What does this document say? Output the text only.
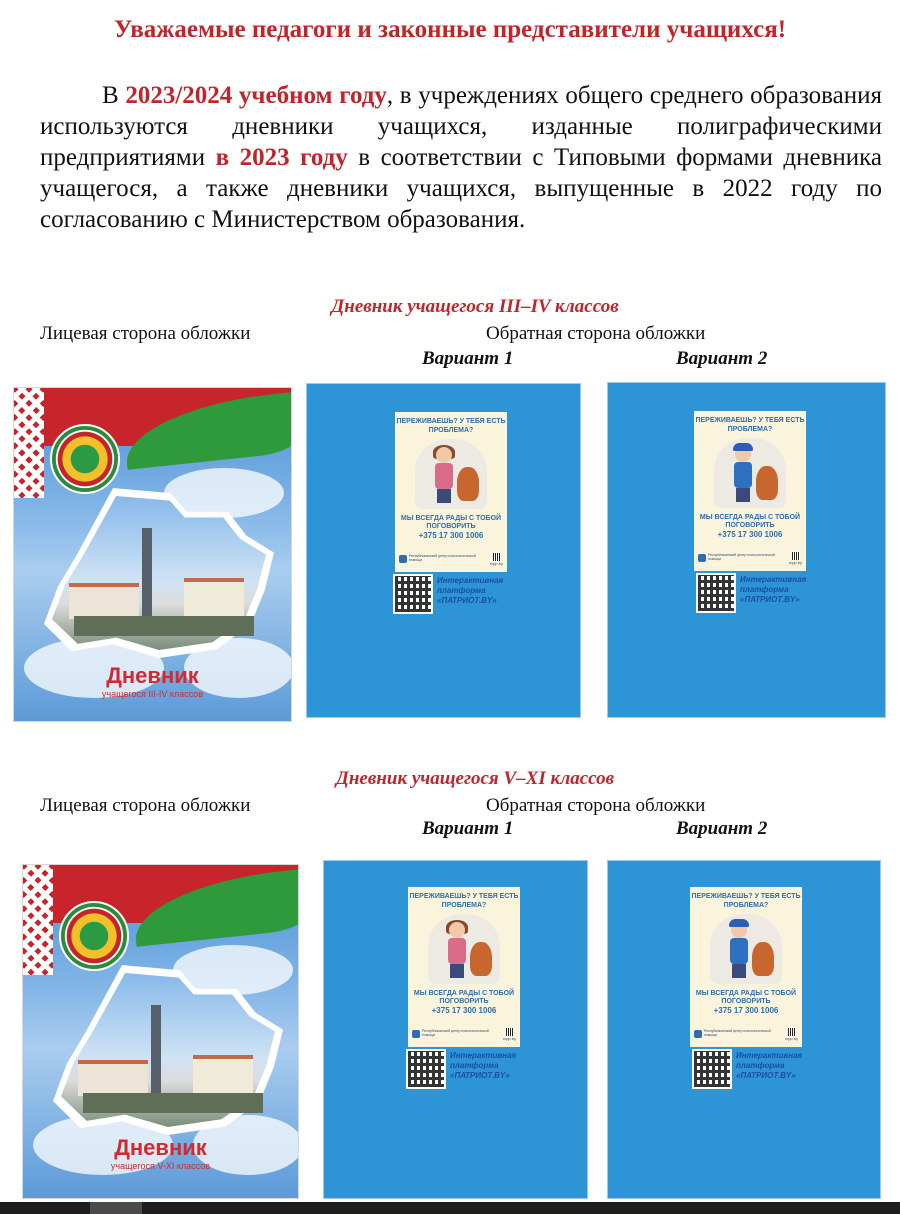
Уважаемые педагоги и законные представители учащихся!
В 2023/2024 учебном году, в учреждениях общего среднего образования используются дневники учащихся, изданные полиграфическими предприятиями в 2023 году в соответствии с Типовыми формами дневника учащегося, а также дневники учащихся, выпущенные в 2022 году по согласованию с Министерством образования.
Дневник учащегося III–IV классов
Лицевая сторона обложки	Обратная сторона обложки
Вариант 1	Вариант 2
Дневник
учащегося III-IV классов
ПЕРЕЖИВАЕШЬ? У ТЕБЯ ЕСТЬ ПРОБЛЕМА?
МЫ ВСЕГДА РАДЫ С ТОБОЙ ПОГОВОРИТЬ
+375 17 300 1006
Республиканский центр психологической помощи
rcpp.by
Интерактивная платформа «ПАТРИОТ.BY»
ПЕРЕЖИВАЕШЬ? У ТЕБЯ ЕСТЬ ПРОБЛЕМА?
МЫ ВСЕГДА РАДЫ С ТОБОЙ ПОГОВОРИТЬ
+375 17 300 1006
Республиканский центр психологической помощи
rcpp.by
Интерактивная платформа «ПАТРИОТ.BY»
Дневник учащегося V–XI классов
Лицевая сторона обложки	Обратная сторона обложки
Вариант 1	Вариант 2
Дневник
учащегося V-XI классов
ПЕРЕЖИВАЕШЬ? У ТЕБЯ ЕСТЬ ПРОБЛЕМА?
МЫ ВСЕГДА РАДЫ С ТОБОЙ ПОГОВОРИТЬ
+375 17 300 1006
Республиканский центр психологической помощи
rcpp.by
Интерактивная платформа «ПАТРИОТ.BY»
ПЕРЕЖИВАЕШЬ? У ТЕБЯ ЕСТЬ ПРОБЛЕМА?
МЫ ВСЕГДА РАДЫ С ТОБОЙ ПОГОВОРИТЬ
+375 17 300 1006
Республиканский центр психологической помощи
rcpp.by
Интерактивная платформа «ПАТРИОТ.BY»
